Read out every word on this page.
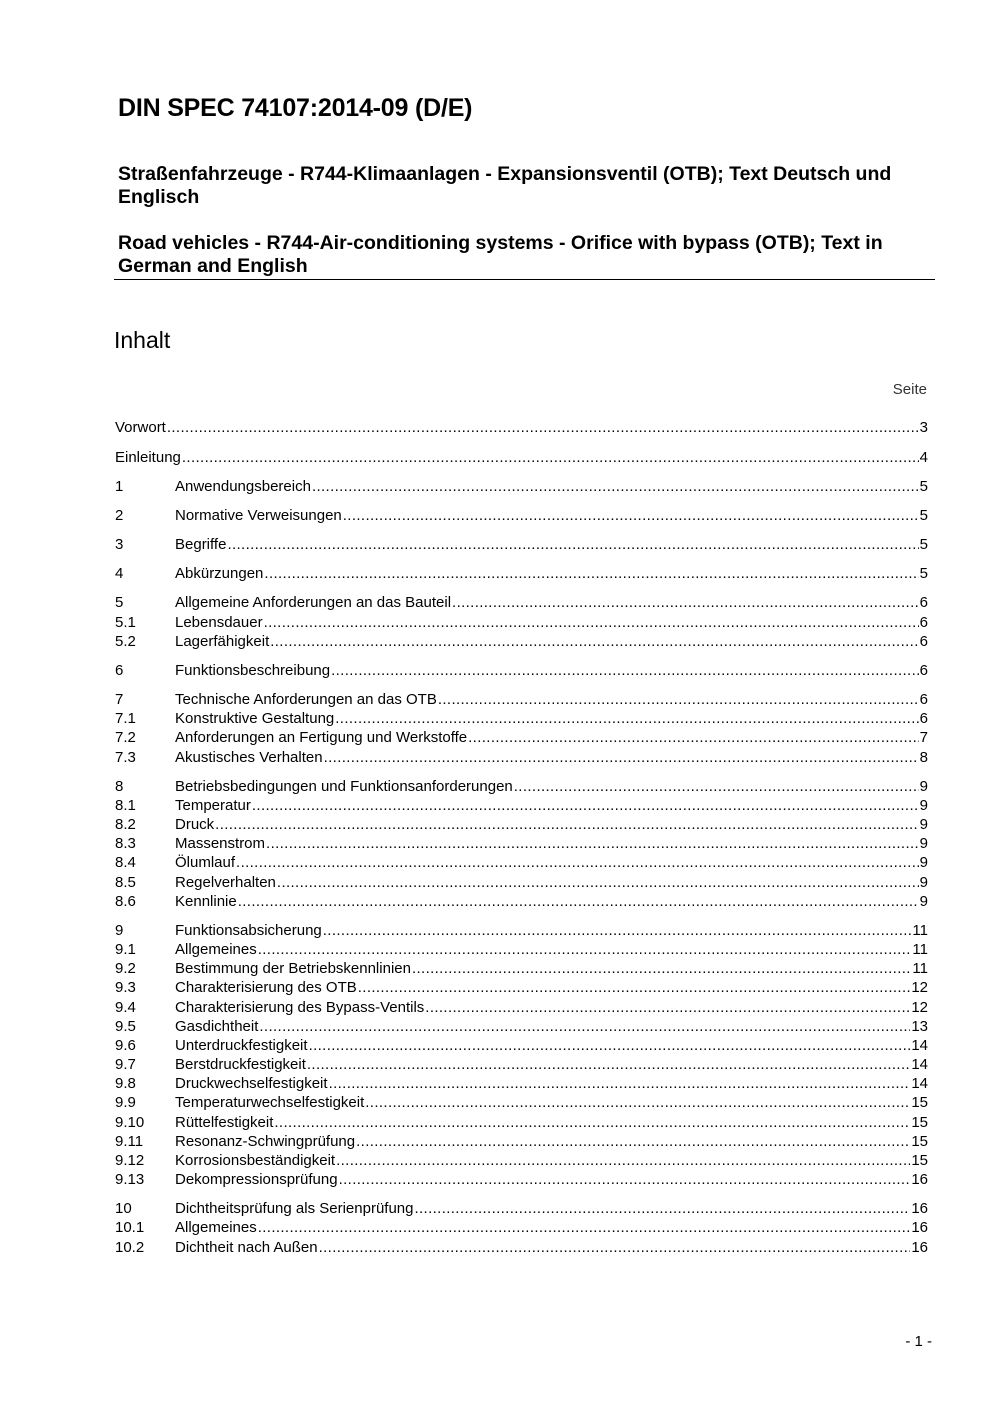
DIN SPEC 74107:2014-09 (D/E)
Straßenfahrzeuge - R744-Klimaanlagen - Expansionsventil (OTB); Text Deutsch und Englisch
Road vehicles - R744-Air-conditioning systems - Orifice with bypass (OTB); Text in German and English
Inhalt
Seite
Vorwort . . .	3
Einleitung . . .	4
1	Anwendungsbereich . . .	5
2	Normative Verweisungen . . .	5
3	Begriffe . . .	5
4	Abkürzungen . . .	5
5	Allgemeine Anforderungen an das Bauteil . . .	6
5.1	Lebensdauer . . .	6
5.2	Lagerfähigkeit . . .	6
6	Funktionsbeschreibung . . .	6
7	Technische Anforderungen an das OTB . . .	6
7.1	Konstruktive Gestaltung . . .	6
7.2	Anforderungen an Fertigung und Werkstoffe . . .	7
7.3	Akustisches Verhalten . . .	8
8	Betriebsbedingungen und Funktionsanforderungen . . .	9
8.1	Temperatur . . .	9
8.2	Druck . . .	9
8.3	Massenstrom . . .	9
8.4	Ölumlauf . . .	9
8.5	Regelverhalten . . .	9
8.6	Kennlinie . . .	9
9	Funktionsabsicherung . . .	11
9.1	Allgemeines . . .	11
9.2	Bestimmung der Betriebskennlinien . . .	11
9.3	Charakterisierung des OTB . . .	12
9.4	Charakterisierung des Bypass-Ventils . . .	12
9.5	Gasdichtheit . . .	13
9.6	Unterdruckfestigkeit . . .	14
9.7	Berstdruckfestigkeit . . .	14
9.8	Druckwechselfestigkeit . . .	14
9.9	Temperaturwechselfestigkeit . . .	15
9.10	Rüttelfestigkeit . . .	15
9.11	Resonanz-Schwingprüfung . . .	15
9.12	Korrosionsbeständigkeit . . .	15
9.13	Dekompressionsprüfung . . .	16
10	Dichtheitsprüfung als Serienprüfung . . .	16
10.1	Allgemeines . . .	16
10.2	Dichtheit nach Außen . . .	16
- 1 -
